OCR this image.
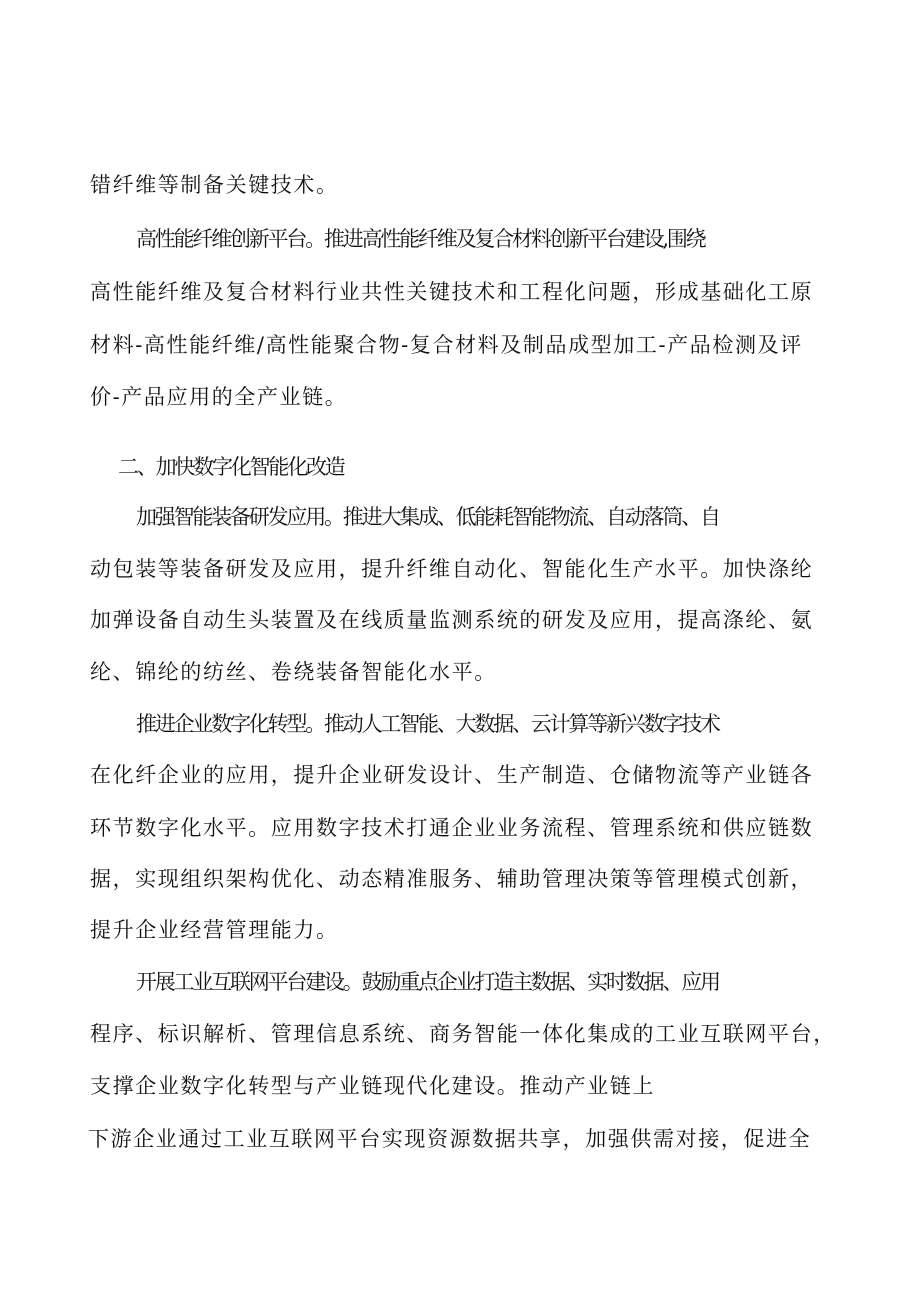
错纤维等制备关键技术。
高性能纤维创新平台。推进高性能纤维及复合材料创新平台建设,围绕
高性能纤维及复合材料行业共性关键技术和工程化问题，形成基础化工原
材料-高性能纤维/高性能聚合物-复合材料及制品成型加工-产品检测及评
价-产品应用的全产业链。
二、加快数字化智能化改造
加强智能装备研发应用。推进大集成、低能耗智能物流、自动落筒、自
动包装等装备研发及应用，提升纤维自动化、智能化生产水平。加快涤纶
加弹设备自动生头装置及在线质量监测系统的研发及应用，提高涤纶、氨
纶、锦纶的纺丝、卷绕装备智能化水平。
推进企业数字化转型。推动人工智能、大数据、云计算等新兴数字技术
在化纤企业的应用，提升企业研发设计、生产制造、仓储物流等产业链各
环节数字化水平。应用数字技术打通企业业务流程、管理系统和供应链数
据，实现组织架构优化、动态精准服务、辅助管理决策等管理模式创新，
提升企业经营管理能力。
开展工业互联网平台建设。鼓励重点企业打造主数据、实时数据、应用
程序、标识解析、管理信息系统、商务智能一体化集成的工业互联网平台，
支撑企业数字化转型与产业链现代化建设。推动产业链上
下游企业通过工业互联网平台实现资源数据共享，加强供需对接，促进全
